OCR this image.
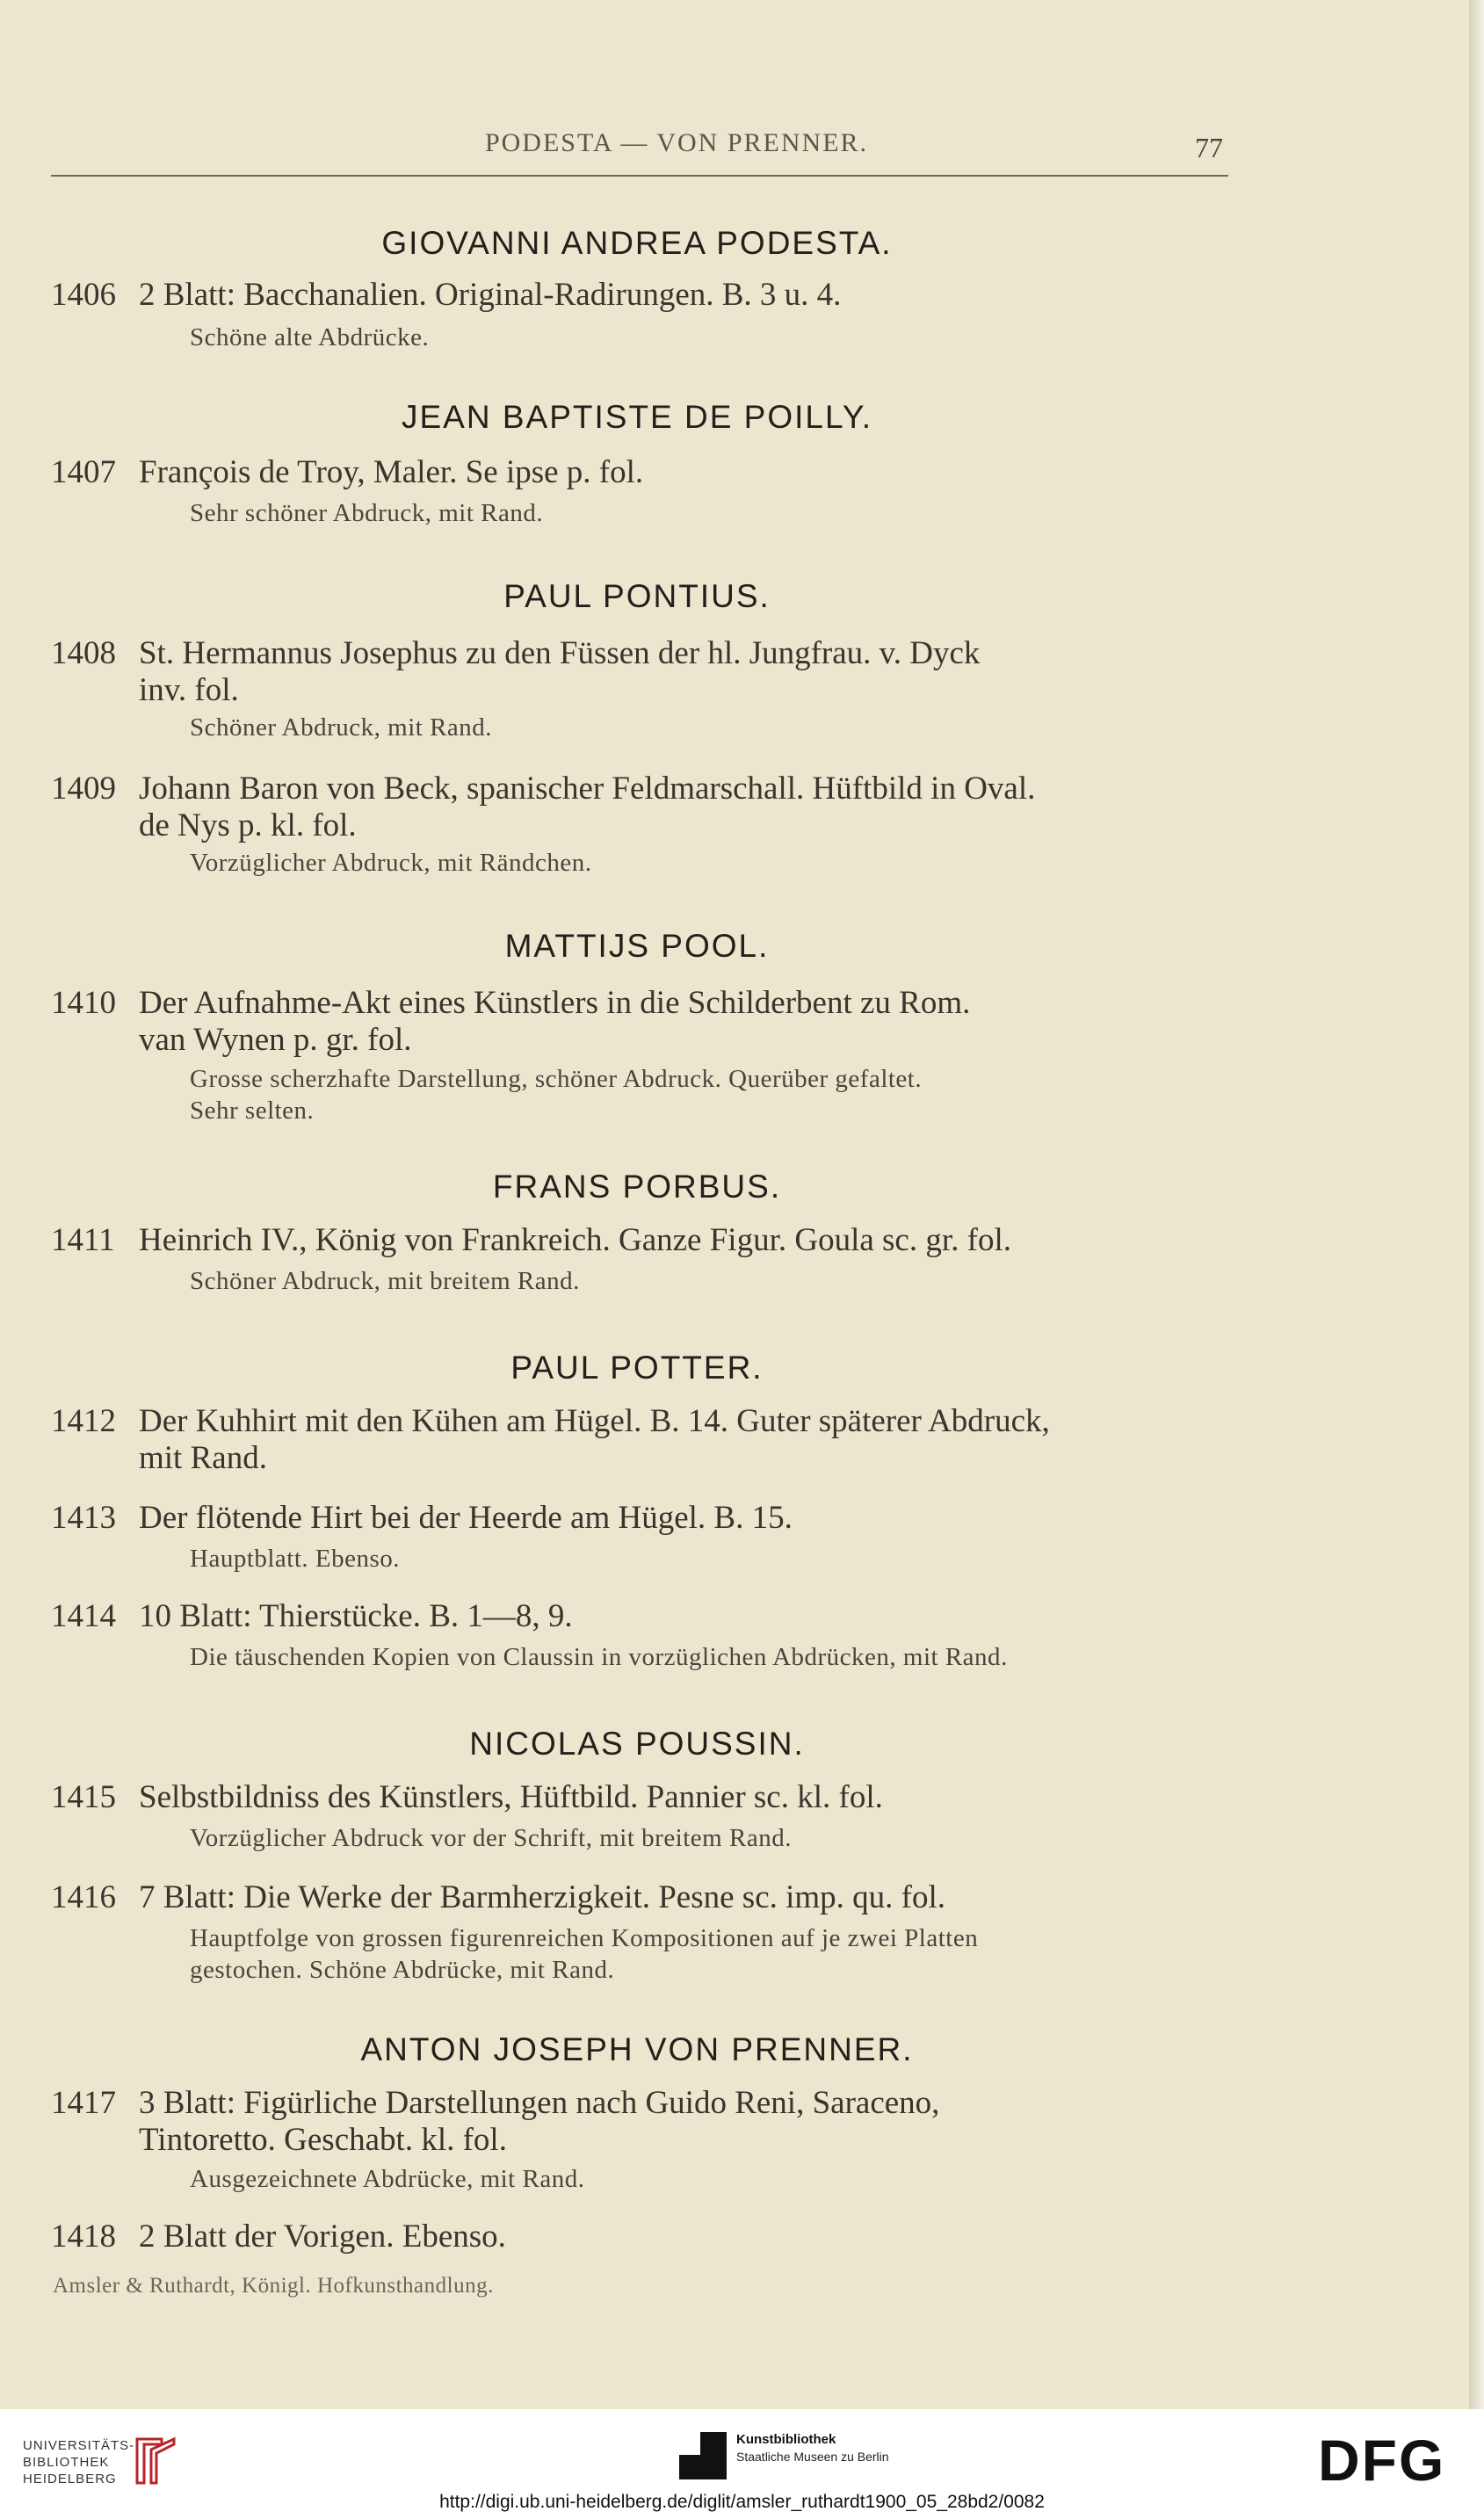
PODESTA — VON PRENNER.	77
GIOVANNI ANDREA PODESTA.
1406 2 Blatt: Bacchanalien. Original-Radirungen. B. 3 u. 4.
Schöne alte Abdrücke.
JEAN BAPTISTE DE POILLY.
1407 François de Troy, Maler. Se ipse p. fol.
Sehr schöner Abdruck, mit Rand.
PAUL PONTIUS.
1408 St. Hermannus Josephus zu den Füssen der hl. Jungfrau. v. Dyck
inv. fol.
Schöner Abdruck, mit Rand.
1409 Johann Baron von Beck, spanischer Feldmarschall. Hüftbild in Oval.
de Nys p. kl. fol.
Vorzüglicher Abdruck, mit Rändchen.
MATTIJS POOL.
1410 Der Aufnahme-Akt eines Künstlers in die Schilderbent zu Rom.
van Wynen p. gr. fol.
Grosse scherzhafte Darstellung, schöner Abdruck. Querüber gefaltet.
Sehr selten.
FRANS PORBUS.
1411 Heinrich IV., König von Frankreich. Ganze Figur. Goula sc. gr. fol.
Schöner Abdruck, mit breitem Rand.
PAUL POTTER.
1412 Der Kuhhirt mit den Kühen am Hügel. B. 14. Guter späterer Abdruck,
mit Rand.
1413 Der flötende Hirt bei der Heerde am Hügel. B. 15.
Hauptblatt. Ebenso.
1414 10 Blatt: Thierstücke. B. 1—8, 9.
Die täuschenden Kopien von Claussin in vorzüglichen Abdrücken, mit Rand.
NICOLAS POUSSIN.
1415 Selbstbildniss des Künstlers, Hüftbild. Pannier sc. kl. fol.
Vorzüglicher Abdruck vor der Schrift, mit breitem Rand.
1416 7 Blatt: Die Werke der Barmherzigkeit. Pesne sc. imp. qu. fol.
Hauptfolge von grossen figurenreichen Kompositionen auf je zwei Platten
gestochen. Schöne Abdrücke, mit Rand.
ANTON JOSEPH VON PRENNER.
1417 3 Blatt: Figürliche Darstellungen nach Guido Reni, Saraceno,
Tintoretto. Geschabt. kl. fol.
Ausgezeichnete Abdrücke, mit Rand.
1418 2 Blatt der Vorigen. Ebenso.
Amsler & Ruthardt, Königl. Hofkunsthandlung.
UNIVERSITÄTS-
BIBLIOTHEK
HEIDELBERG
Kunstbibliothek
Staatliche Museen zu Berlin	DFG
http://digi.ub.uni-heidelberg.de/diglit/amsler_ruthardt1900_05_28bd2/0082
